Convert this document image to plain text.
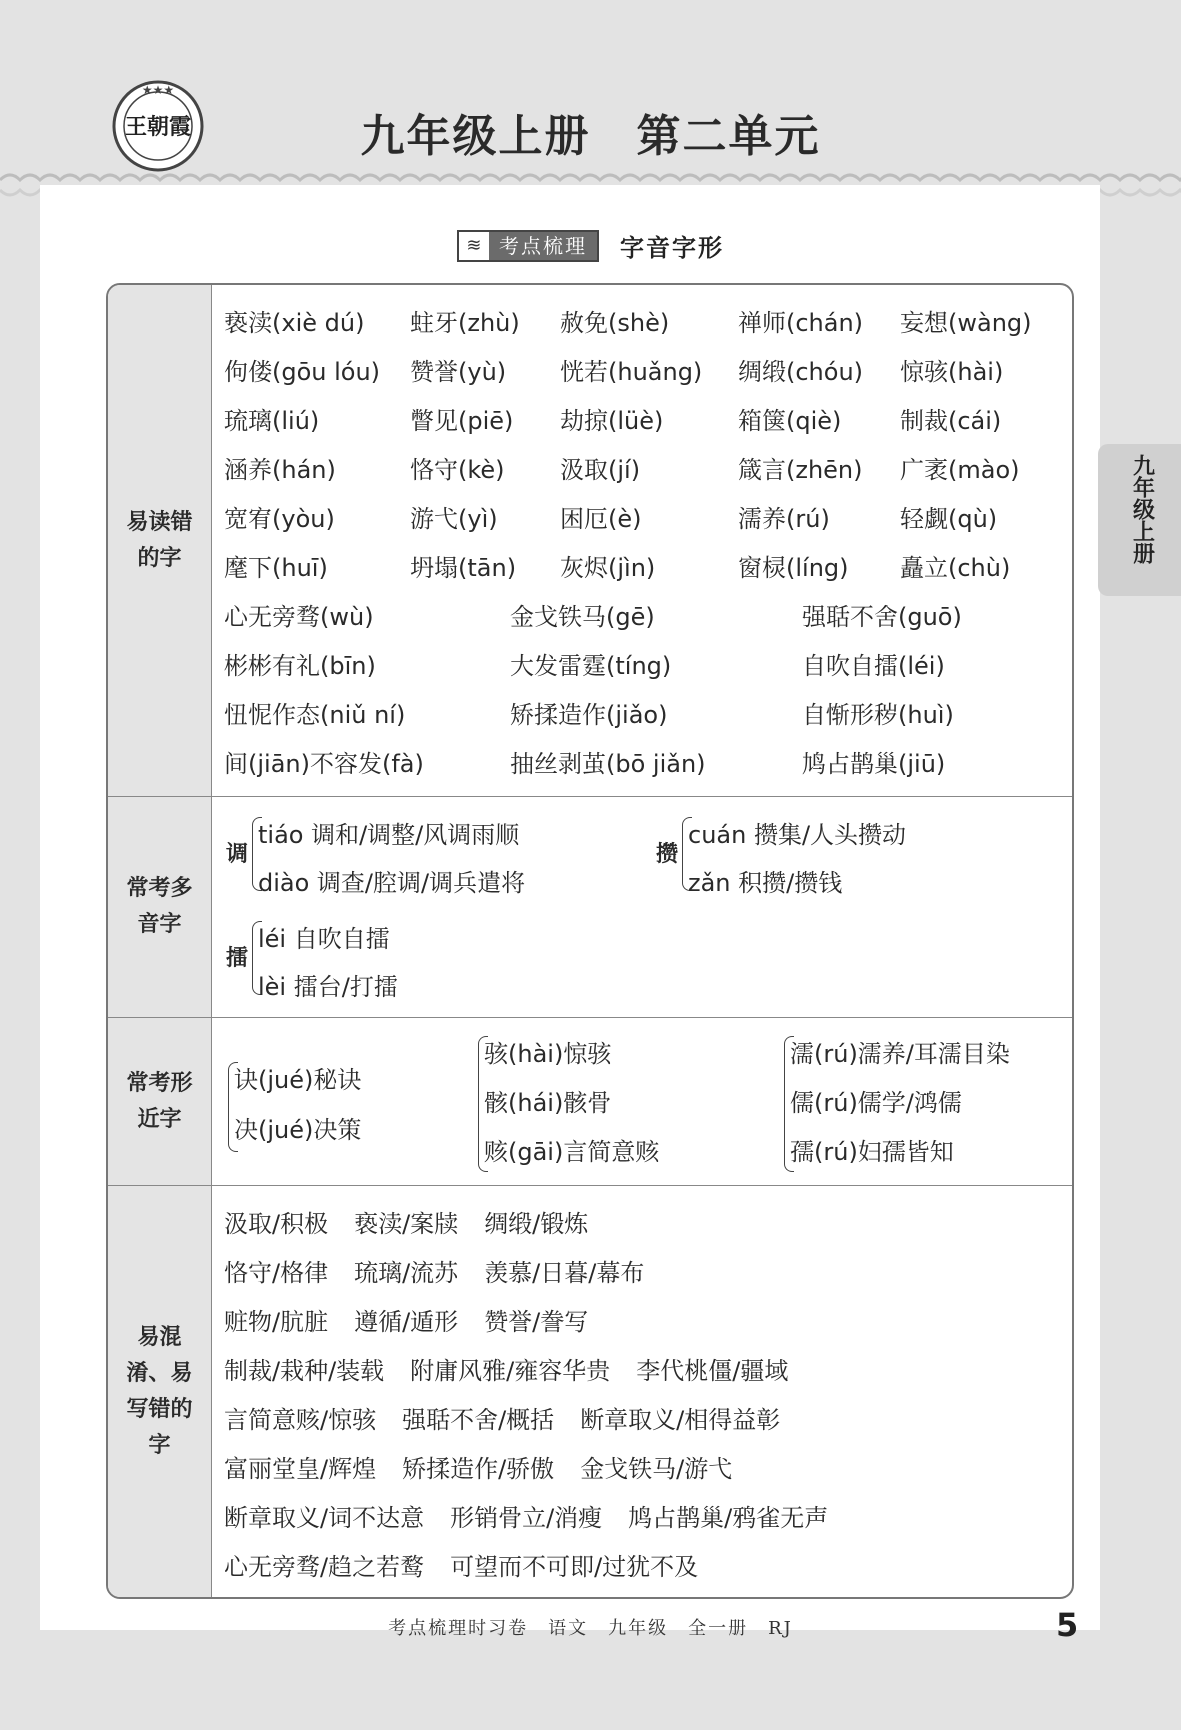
★★★
王朝霞	九年级上册　第二单元
九年级上册
≋ 考点梳理	字音字形
易读错的字
亵渎(xiè dú) 蛀牙(zhù) 赦免(shè)	禅师(chán) 妄想(wàng)
佝偻(gōu lóu) 赞誉(yù) 恍若(huǎng) 绸缎(chóu) 惊骇(hài)
琉璃(liú)	瞥见(piē) 劫掠(lüè)	箱箧(qiè) 制裁(cái)
涵养(hán)	恪守(kè) 汲取(jí)	箴言(zhēn) 广袤(mào)
宽宥(yòu)	游弋(yì)	困厄(è)	濡养(rú)	轻觑(qù)
麾下(huī)	坍塌(tān) 灰烬(jìn)	窗棂(líng) 矗立(chù)
心无旁骛(wù)	金戈铁马(gē)	强聒不舍(guō)
彬彬有礼(bīn)	大发雷霆(tíng)	自吹自擂(léi)
忸怩作态(niǔ ní)	矫揉造作(jiǎo)	自惭形秽(huì)
间(jiān)不容发(fà)	抽丝剥茧(bō jiǎn)	鸠占鹊巢(jiū)
常考多音字
调
tiáo 调和/调整/风调雨顺
diào 调查/腔调/调兵遣将
攒
cuán 攒集/人头攒动
zǎn 积攒/攒钱
擂
léi 自吹自擂
lèi 擂台/打擂
常考形近字
诀(jué)秘诀
决(jué)决策
骇(hài)惊骇
骸(hái)骸骨
赅(gāi)言简意赅
濡(rú)濡养/耳濡目染
儒(rú)儒学/鸿儒
孺(rú)妇孺皆知
易混淆、易写错的字
汲取/积极 亵渎/案牍 绸缎/锻炼
恪守/格律 琉璃/流苏 羡慕/日暮/幕布
赃物/肮脏 遵循/遁形 赞誉/誊写
制裁/栽种/装载 附庸风雅/雍容华贵 李代桃僵/疆域
言简意赅/惊骇 强聒不舍/概括 断章取义/相得益彰
富丽堂皇/辉煌 矫揉造作/骄傲 金戈铁马/游弋
断章取义/词不达意 形销骨立/消瘦 鸠占鹊巢/鸦雀无声
心无旁骛/趋之若鹜 可望而不可即/过犹不及
考点梳理时习卷　语文　九年级　全一册　RJ	5
